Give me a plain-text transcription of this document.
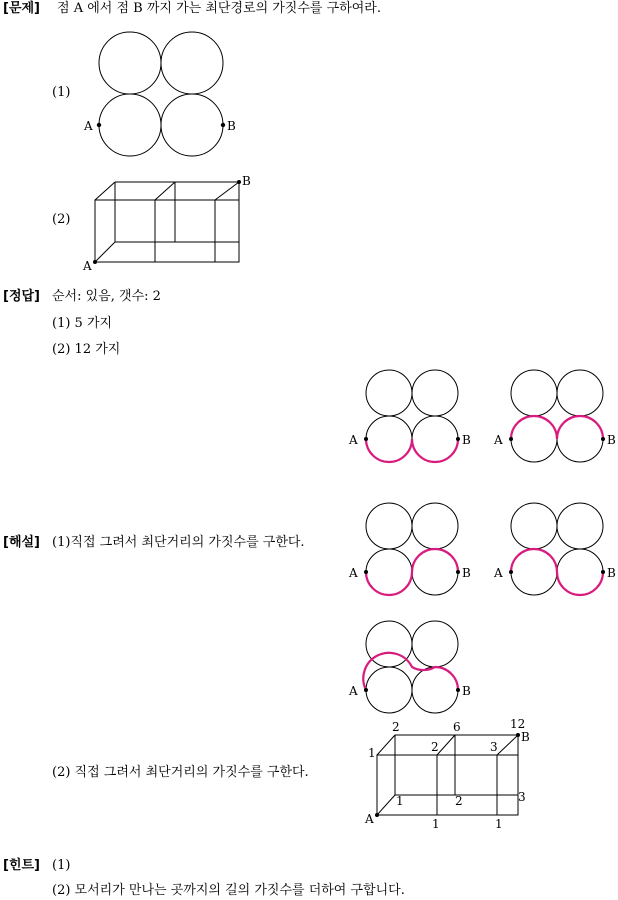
[문제] 점 A 에서 점 B 까지 가는 최단경로의 가짓수를 구하여라.
(1)
(2)
[정답] 순서: 있음, 갯수: 2
(1) 5 가지
(2) 12 가지
[해설] (1)직접 그려서 최단거리의 가짓수를 구한다.
(2) 직접 그려서 최단거리의 가짓수를 구한다.
[힌트] (1)
(2) 모서리가 만나는 곳까지의 길의 가짓수를 더하여 구합니다.
A	B
A
B
A	B A	B
A	B A	B
A	B
A
B
1
2	6	12
2	3
1	2	3
1	1
